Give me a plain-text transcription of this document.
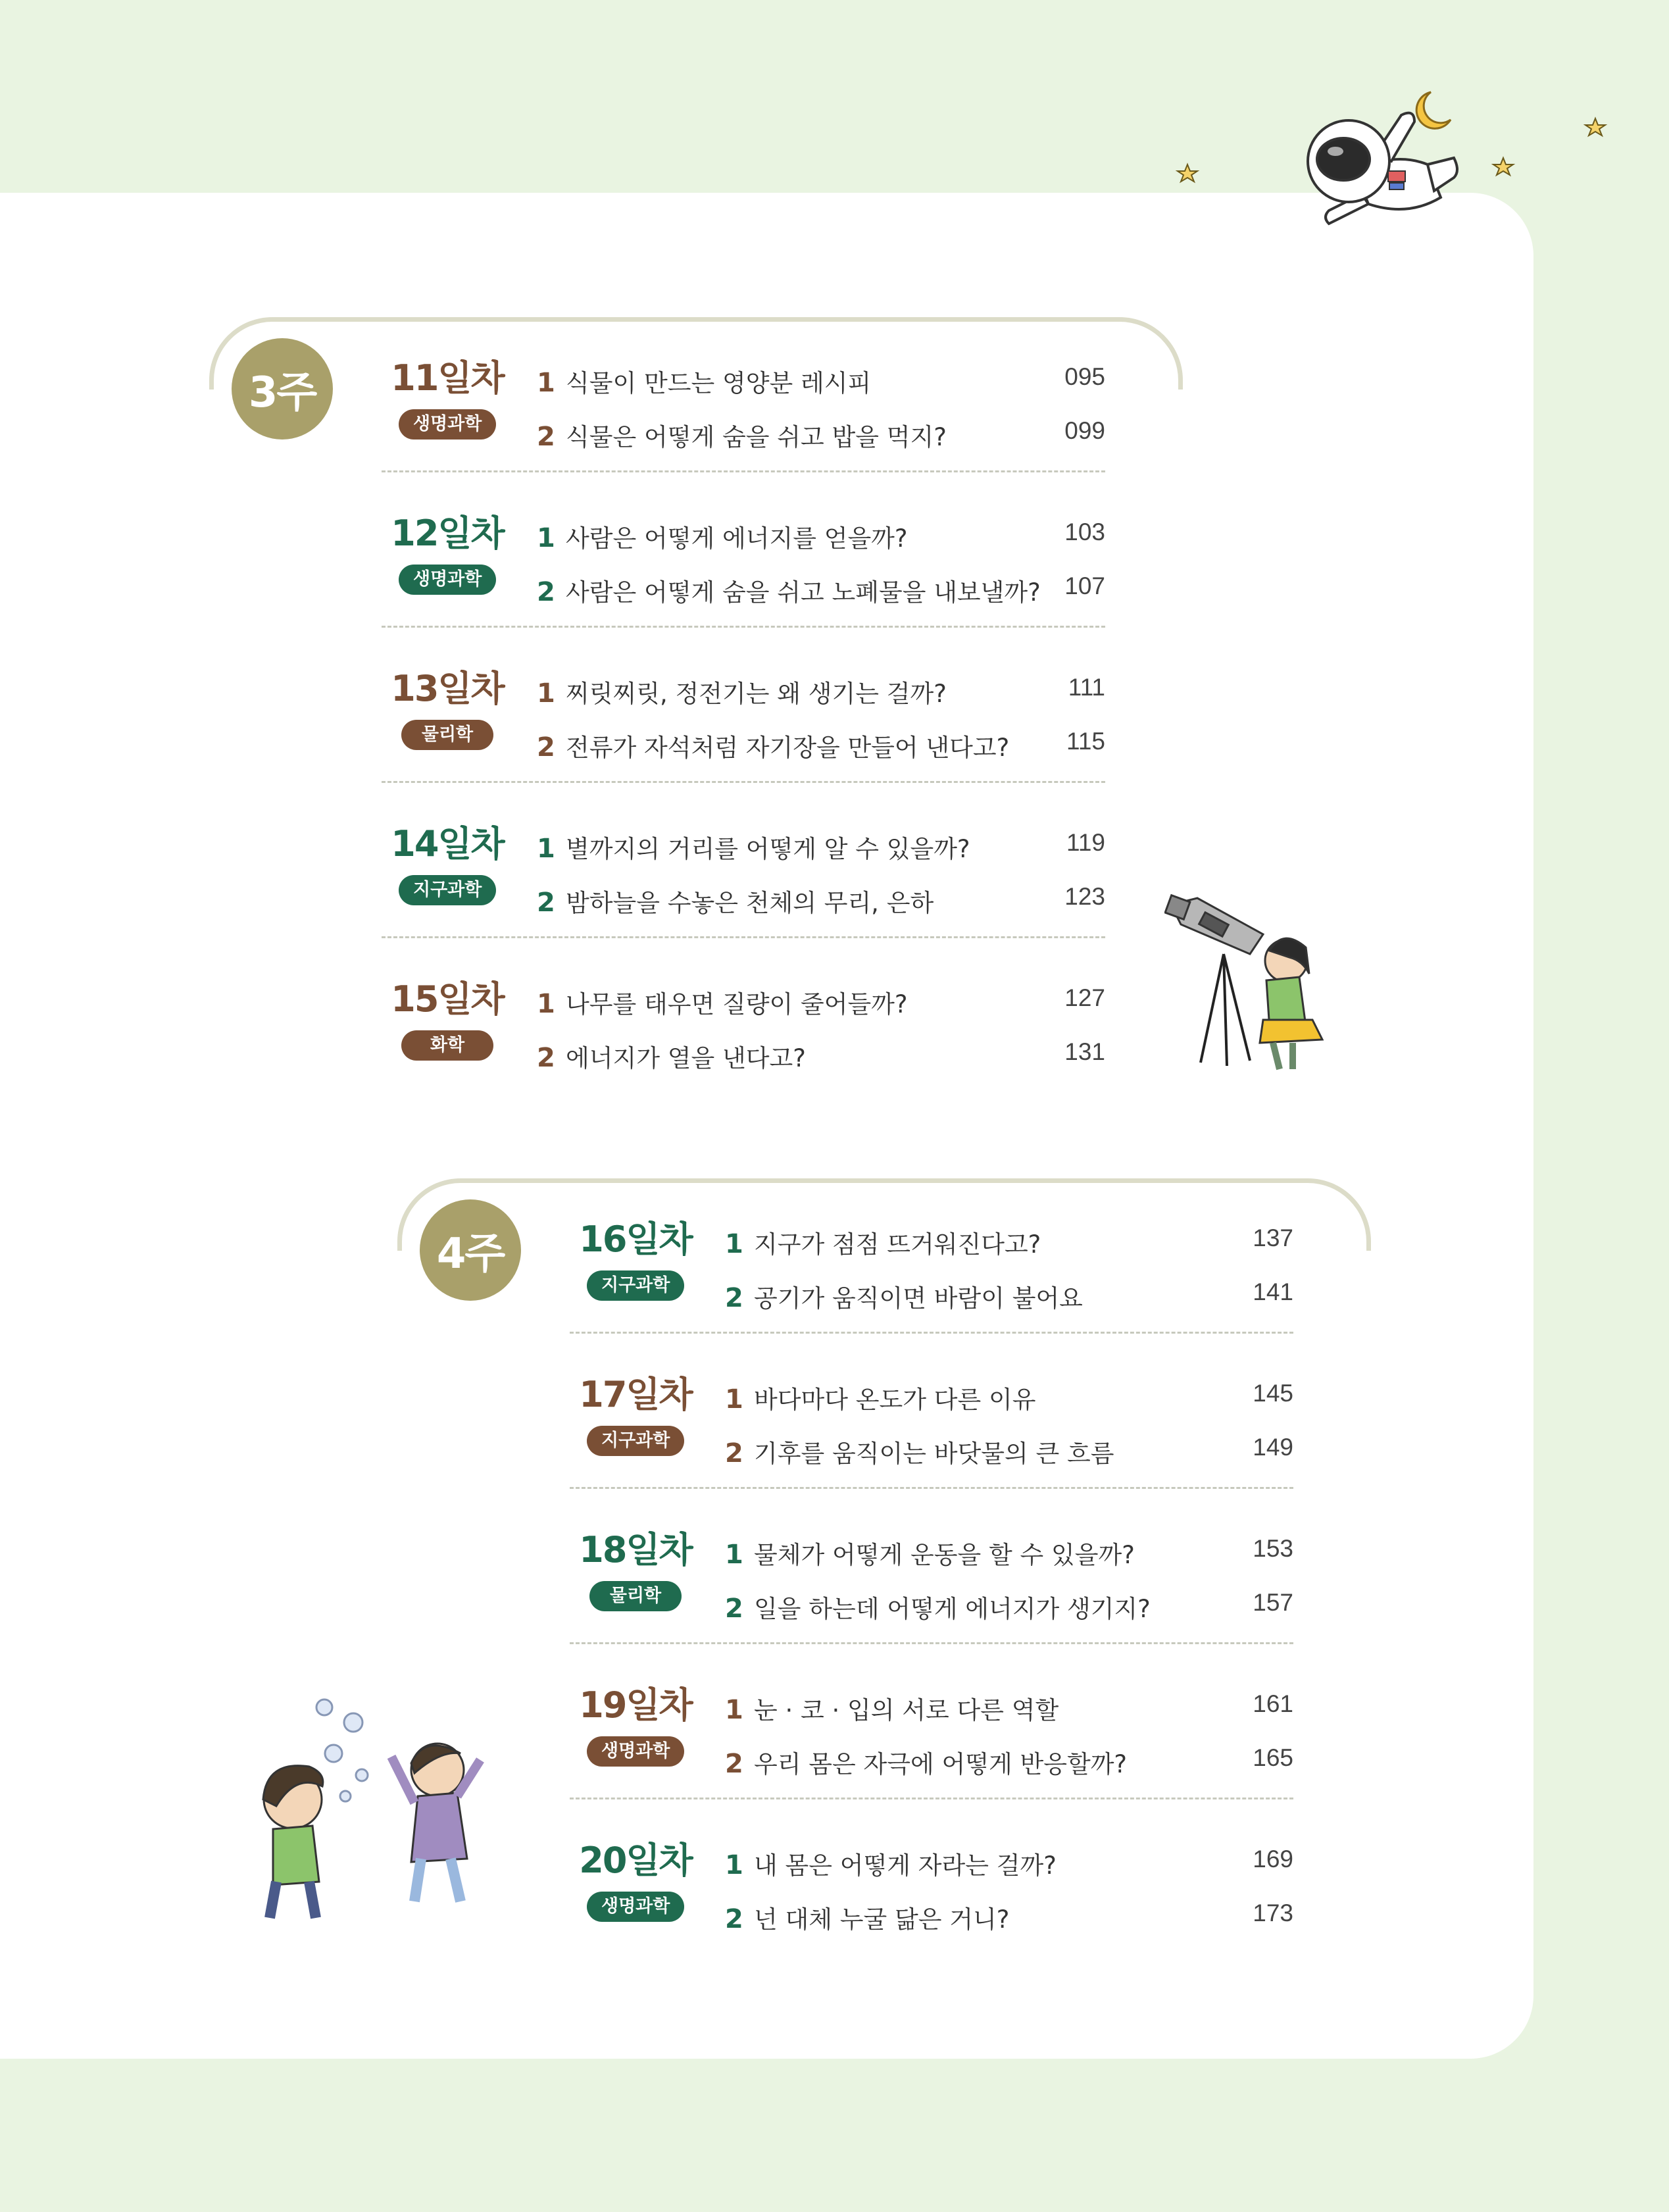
3주	11일차
생명과학
1 식물이 만드는 영양분 레시피	095
2 식물은 어떻게 숨을 쉬고 밥을 먹지?	099
12일차
생명과학
1 사람은 어떻게 에너지를 얻을까?	103
2 사람은 어떻게 숨을 쉬고 노폐물을 내보낼까? 107
13일차
물리학
1 찌릿찌릿, 정전기는 왜 생기는 걸까?	111
2 전류가 자석처럼 자기장을 만들어 낸다고? 115
14일차
지구과학
1 별까지의 거리를 어떻게 알 수 있을까?	119
2 밤하늘을 수놓은 천체의 무리, 은하	123
15일차
화학
1 나무를 태우면 질량이 줄어들까?	127
2 에너지가 열을 낸다고?	131
4주	16일차
지구과학
1 지구가 점점 뜨거워진다고?	137
2 공기가 움직이면 바람이 불어요	141
17일차
지구과학
1 바다마다 온도가 다른 이유	145
2 기후를 움직이는 바닷물의 큰 흐름	149
18일차
물리학
1 물체가 어떻게 운동을 할 수 있을까?	153
2 일을 하는데 어떻게 에너지가 생기지?	157
19일차
생명과학
1 눈 · 코 · 입의 서로 다른 역할	161
2 우리 몸은 자극에 어떻게 반응할까?	165
20일차
생명과학
1 내 몸은 어떻게 자라는 걸까?	169
2 넌 대체 누굴 닮은 거니?	173
